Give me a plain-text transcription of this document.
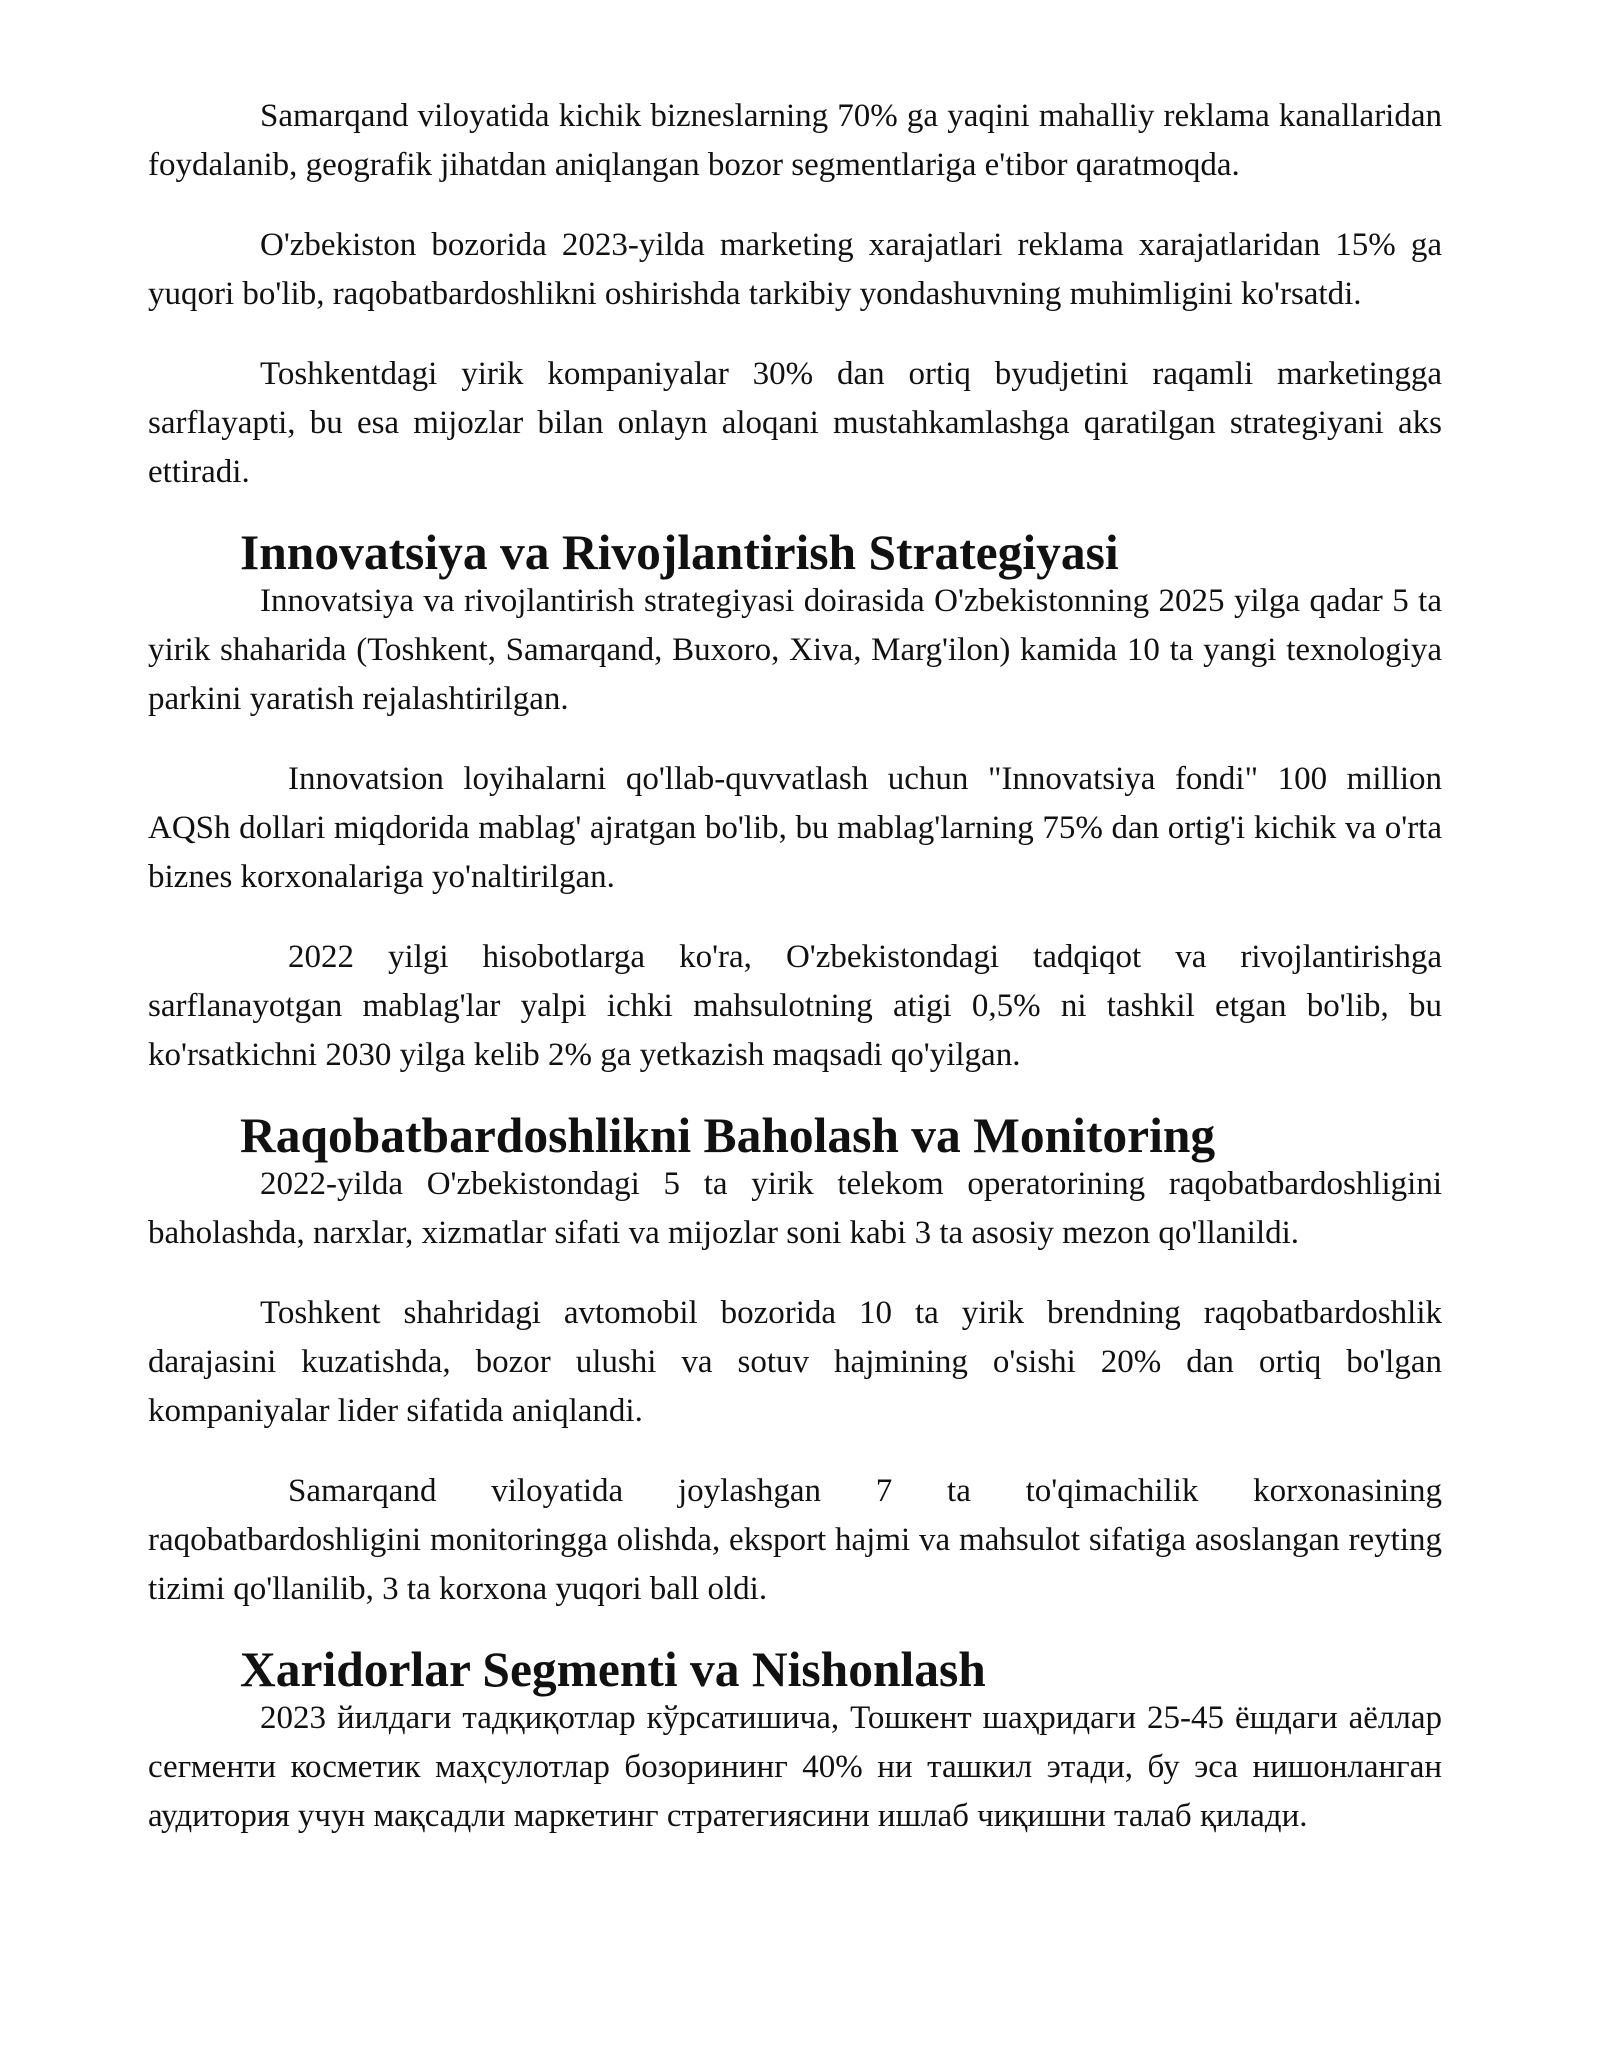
Samarqand viloyatida kichik bizneslarning 70% ga yaqini mahalliy reklama kanallaridan foydalanib, geografik jihatdan aniqlangan bozor segmentlariga e'tibor qaratmoqda.

O'zbekiston bozorida 2023-yilda marketing xarajatlari reklama xarajatlaridan 15% ga yuqori bo'lib, raqobatbardoshlikni oshirishda tarkibiy yondashuvning muhimligini ko'rsatdi.

Toshkentdagi yirik kompaniyalar 30% dan ortiq byudjetini raqamli marketingga sarflayapti, bu esa mijozlar bilan onlayn aloqani mustahkamlashga qaratilgan strategiyani aks ettiradi.

Innovatsiya va Rivojlantirish Strategiyasi

Innovatsiya va rivojlantirish strategiyasi doirasida O'zbekistonning 2025 yilga qadar 5 ta yirik shaharida (Toshkent, Samarqand, Buxoro, Xiva, Marg'ilon) kamida 10 ta yangi texnologiya parkini yaratish rejalashtirilgan.

Innovatsion loyihalarni qo'llab-quvvatlash uchun "Innovatsiya fondi" 100 million AQSh dollari miqdorida mablag' ajratgan bo'lib, bu mablag'larning 75% dan ortig'i kichik va o'rta biznes korxonalariga yo'naltirilgan.

2022 yilgi hisobotlarga ko'ra, O'zbekistondagi tadqiqot va rivojlantirishga sarflanayotgan mablag'lar yalpi ichki mahsulotning atigi 0,5% ni tashkil etgan bo'lib, bu ko'rsatkichni 2030 yilga kelib 2% ga yetkazish maqsadi qo'yilgan.

Raqobatbardoshlikni Baholash va Monitoring

2022-yilda O'zbekistondagi 5 ta yirik telekom operatorining raqobatbardoshligini baholashda, narxlar, xizmatlar sifati va mijozlar soni kabi 3 ta asosiy mezon qo'llanildi.

Toshkent shahridagi avtomobil bozorida 10 ta yirik brendning raqobatbardoshlik darajasini kuzatishda, bozor ulushi va sotuv hajmining o'sishi 20% dan ortiq bo'lgan kompaniyalar lider sifatida aniqlandi.

Samarqand viloyatida joylashgan 7 ta to'qimachilik korxonasining raqobatbardoshligini monitoringga olishda, eksport hajmi va mahsulot sifatiga asoslangan reyting tizimi qo'llanilib, 3 ta korxona yuqori ball oldi.

Xaridorlar Segmenti va Nishonlash

2023 йилдаги тадқиқотлар кўрсатишича, Тошкент шаҳридаги 25-45 ёшдаги аёллар сегменти косметик маҳсулотлар бозорининг 40% ни ташкил этади, бу эса нишонланган аудитория учун мақсадли маркетинг стратегиясини ишлаб чиқишни талаб қилади.
